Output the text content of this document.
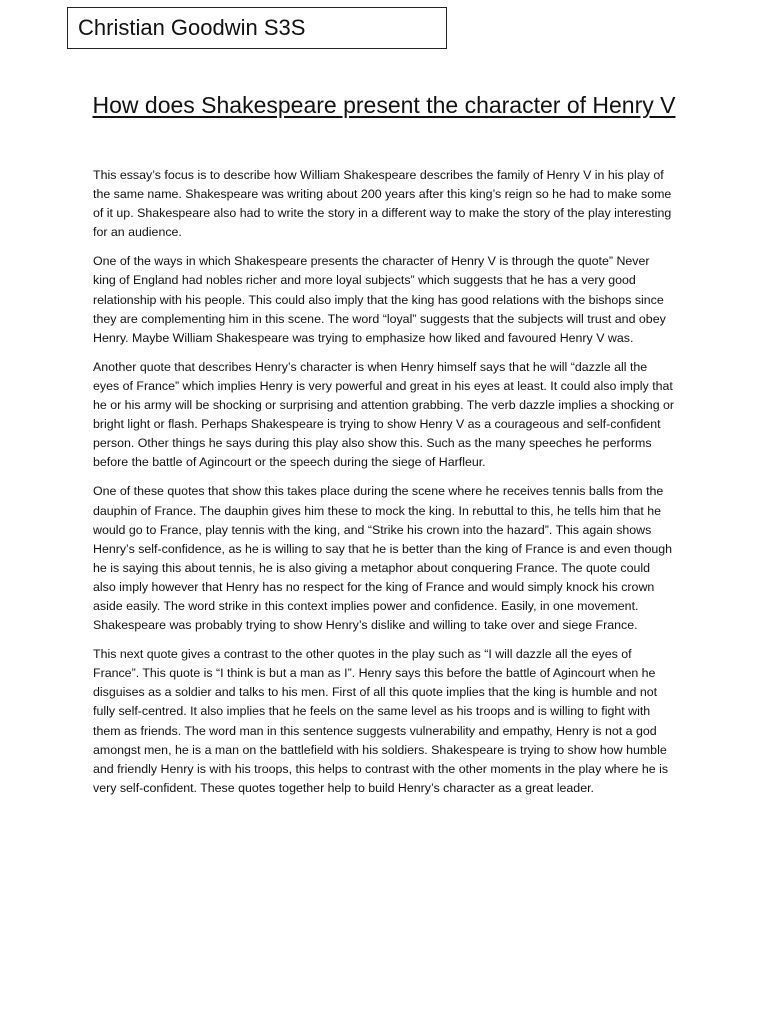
Christian Goodwin S3S
How does Shakespeare present the character of Henry V

This essay’s focus is to describe how William Shakespeare describes the family of Henry V in his play of the same name. Shakespeare was writing about 200 years after this king’s reign so he had to make some of it up. Shakespeare also had to write the story in a different way to make the story of the play interesting for an audience.

One of the ways in which Shakespeare presents the character of Henry V is through the quote” Never king of England had nobles richer and more loyal subjects” which suggests that he has a very good relationship with his people. This could also imply that the king has good relations with the bishops since they are complementing him in this scene. The word “loyal” suggests that the subjects will trust and obey Henry. Maybe William Shakespeare was trying to emphasize how liked and favoured Henry V was.

Another quote that describes Henry’s character is when Henry himself says that he will “dazzle all the eyes of France” which implies Henry is very powerful and great in his eyes at least. It could also imply that he or his army will be shocking or surprising and attention grabbing. The verb dazzle implies a shocking or bright light or flash. Perhaps Shakespeare is trying to show Henry V as a courageous and self-confident person. Other things he says during this play also show this. Such as the many speeches he performs before the battle of Agincourt or the speech during the siege of Harfleur.

One of these quotes that show this takes place during the scene where he receives tennis balls from the dauphin of France. The dauphin gives him these to mock the king. In rebuttal to this, he tells him that he would go to France, play tennis with the king, and “Strike his crown into the hazard”. This again shows Henry’s self-confidence, as he is willing to say that he is better than the king of France is and even though he is saying this about tennis, he is also giving a metaphor about conquering France. The quote could also imply however that Henry has no respect for the king of France and would simply knock his crown aside easily. The word strike in this context implies power and confidence. Easily, in one movement. Shakespeare was probably trying to show Henry’s dislike and willing to take over and siege France.

This next quote gives a contrast to the other quotes in the play such as “I will dazzle all the eyes of France”. This quote is “I think is but a man as I”. Henry says this before the battle of Agincourt when he disguises as a soldier and talks to his men. First of all this quote implies that the king is humble and not fully self-centred. It also implies that he feels on the same level as his troops and is willing to fight with them as friends. The word man in this sentence suggests vulnerability and empathy, Henry is not a god amongst men, he is a man on the battlefield with his soldiers. Shakespeare is trying to show how humble and friendly Henry is with his troops, this helps to contrast with the other moments in the play where he is very self-confident. These quotes together help to build Henry’s character as a great leader.
